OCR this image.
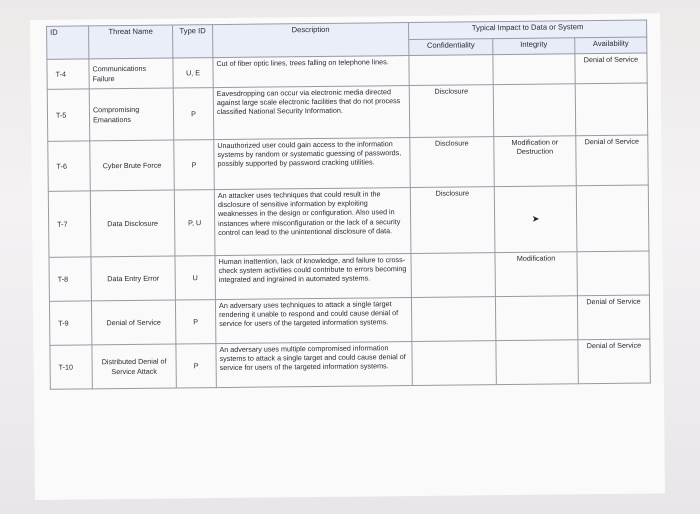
ID	Threat Name	Type ID	Description	Typical Impact to Data or System		
				Confidentiality	Integrity	Availability
T-4	Communications Failure	U, E	Cut of fiber optic lines, trees falling on telephone lines.			Denial of Service
T-5	Compromising Emanations	P	Eavesdropping can occur via electronic media directed against large scale electronic facilities that do not process classified National Security Information.	Disclosure		
T-6	Cyber Brute Force	P	Unauthorized user could gain access to the information systems by random or systematic guessing of passwords, possibly supported by password cracking utilities.	Disclosure	Modification or Destruction	Denial of Service
T-7	Data Disclosure	P, U	An attacker uses techniques that could result in the disclosure of sensitive information by exploiting weaknesses in the design or configuration. Also used in instances where misconfiguration or the lack of a security control can lead to the unintentional disclosure of data.	Disclosure	➤	
T-8	Data Entry Error	U	Human inattention, lack of knowledge, and failure to cross-check system activities could contribute to errors becoming integrated and ingrained in automated systems.		Modification	
T-9	Denial of Service	P	An adversary uses techniques to attack a single target rendering it unable to respond and could cause denial of service for users of the targeted information systems.			Denial of Service
T-10	Distributed Denial of Service Attack	P	An adversary uses multiple compromised information systems to attack a single target and could cause denial of service for users of the targeted information systems.			Denial of Service
